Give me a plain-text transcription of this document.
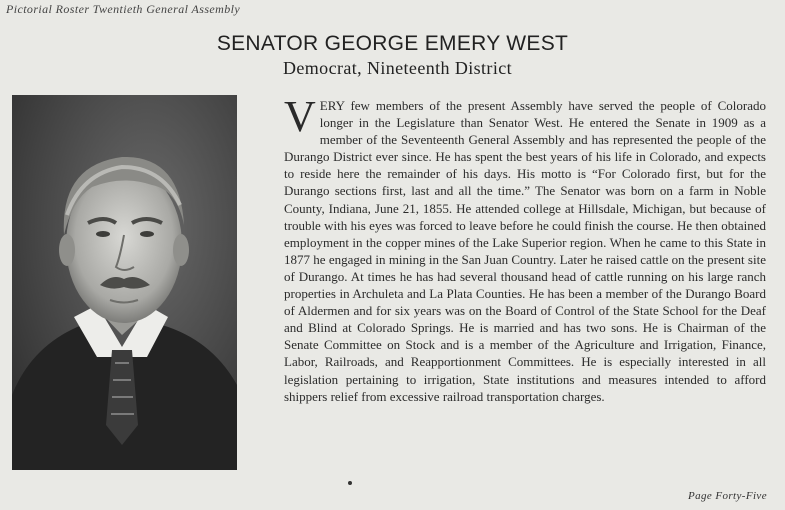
Pictorial Roster Twentieth General Assembly
SENATOR GEORGE EMERY WEST
Democrat, Nineteenth District
VERY few members of the present Assembly have served the people of Colorado longer in the Legislature than Senator West. He entered the Senate in 1909 as a member of the Seventeenth General Assembly and has represented the people of the Durango District ever since. He has spent the best years of his life in Colorado, and expects to reside here the remainder of his days. His motto is “For Colorado first, but for the Durango sections first, last and all the time.” The Senator was born on a farm in Noble County, Indiana, June 21, 1855. He attended college at Hillsdale, Michigan, but because of trouble with his eyes was forced to leave before he could finish the course. He then obtained employment in the copper mines of the Lake Superior region. When he came to this State in 1877 he engaged in mining in the San Juan Country. Later he raised cattle on the present site of Durango. At times he has had several thousand head of cattle running on his large ranch properties in Archuleta and La Plata Counties. He has been a member of the Durango Board of Aldermen and for six years was on the Board of Control of the State School for the Deaf and Blind at Colorado Springs. He is married and has two sons. He is Chairman of the Senate Committee on Stock and is a member of the Agriculture and Irrigation, Finance, Labor, Railroads, and Reapportionment Committees. He is especially interested in all legislation pertaining to irrigation, State institutions and measures intended to afford shippers relief from excessive railroad transportation charges.
Page Forty-Five
